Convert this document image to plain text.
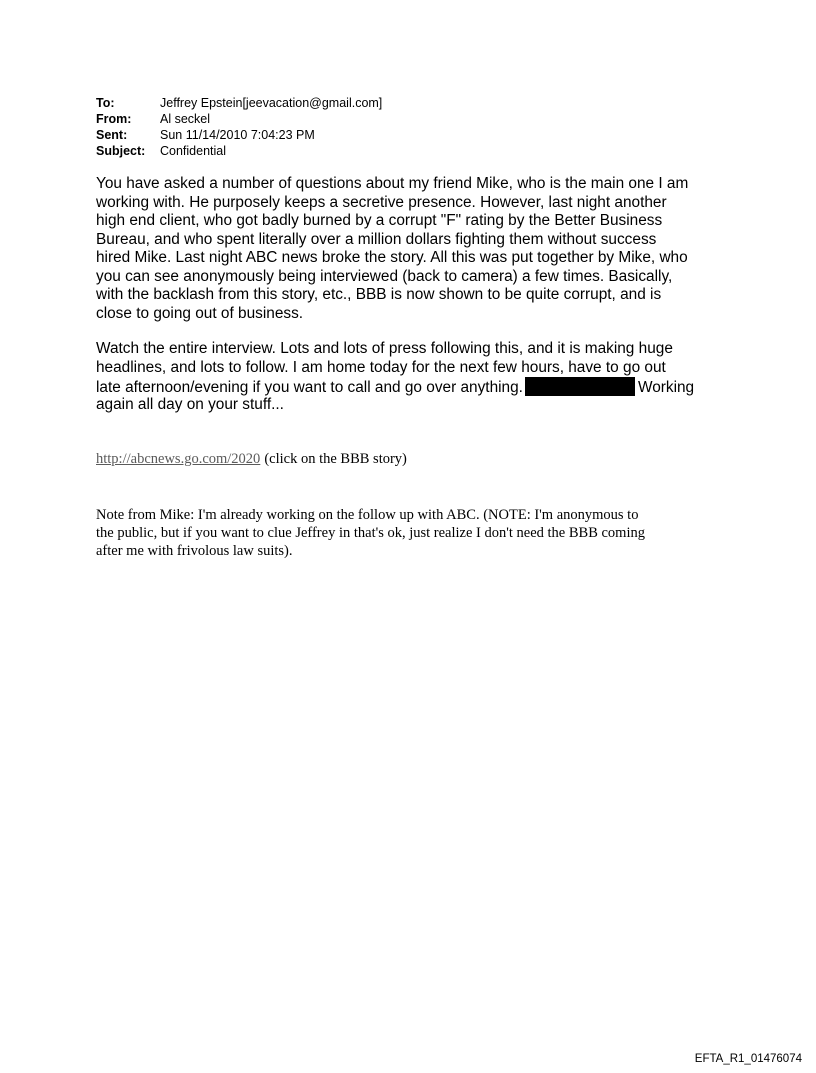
To:	Jeffrey Epstein[jeevacation@gmail.com]
From:	Al seckel
Sent:	Sun 11/14/2010 7:04:23 PM
Subject:	Confidential
You have asked a number of questions about my friend Mike, who is the main one I am
working with. He purposely keeps a secretive presence. However, last night another
high end client, who got badly burned by a corrupt "F" rating by the Better Business
Bureau, and who spent literally over a million dollars fighting them without success
hired Mike. Last night ABC news broke the story. All this was put together by Mike, who
you can see anonymously being interviewed (back to camera) a few times. Basically,
with the backlash from this story, etc., BBB is now shown to be quite corrupt, and is
close to going out of business.
Watch the entire interview. Lots and lots of press following this, and it is making huge
headlines, and lots to follow. I am home today for the next few hours, have to go out
late afternoon/evening if you want to call and go over anything.	Working
again all day on your stuff...
http://abcnews.go.com/2020 (click on the BBB story)
Note from Mike: I'm already working on the follow up with ABC. (NOTE: I'm anonymous to
the public, but if you want to clue Jeffrey in that's ok, just realize I don't need the BBB coming
after me with frivolous law suits).
EFTA_R1_01476074
